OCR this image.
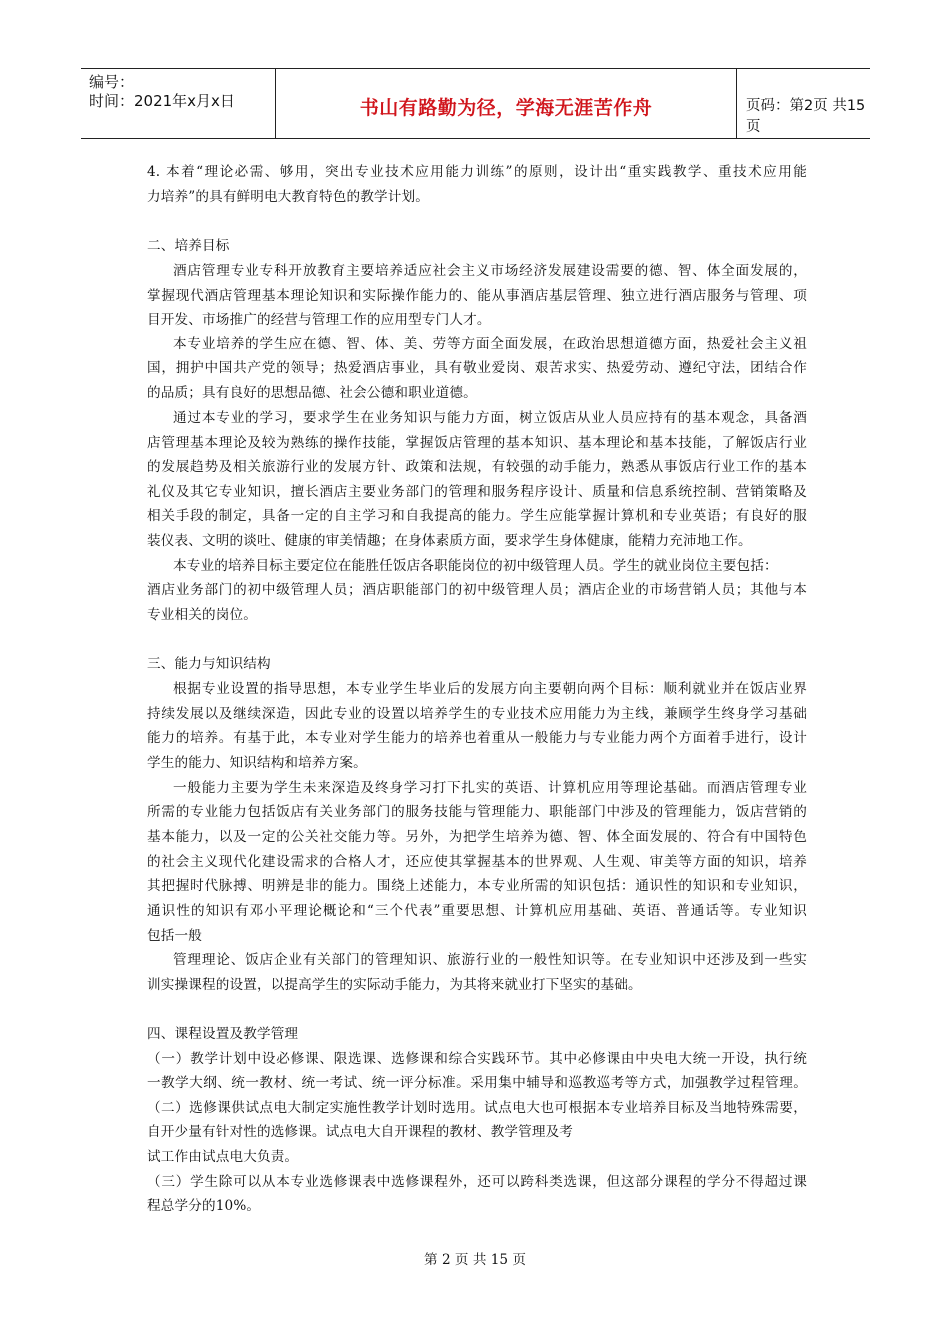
编号：
时间：2021年x月x日	书山有路勤为径，学海无涯苦作舟	页码：第2页 共15页
4. 本着“理论必需、够用，突出专业技术应用能力训练”的原则，设计出“重实践教学、重技术应用能
力培养”的具有鲜明电大教育特色的教学计划。
二、培养目标
酒店管理专业专科开放教育主要培养适应社会主义市场经济发展建设需要的德、智、体全面发展的，
掌握现代酒店管理基本理论知识和实际操作能力的、能从事酒店基层管理、独立进行酒店服务与管理、项
目开发、市场推广的经营与管理工作的应用型专门人才。
本专业培养的学生应在德、智、体、美、劳等方面全面发展，在政治思想道德方面，热爱社会主义祖
国，拥护中国共产党的领导；热爱酒店事业，具有敬业爱岗、艰苦求实、热爱劳动、遵纪守法，团结合作
的品质；具有良好的思想品德、社会公德和职业道德。
通过本专业的学习，要求学生在业务知识与能力方面，树立饭店从业人员应持有的基本观念，具备酒
店管理基本理论及较为熟练的操作技能，掌握饭店管理的基本知识、基本理论和基本技能，了解饭店行业
的发展趋势及相关旅游行业的发展方针、政策和法规，有较强的动手能力，熟悉从事饭店行业工作的基本
礼仪及其它专业知识，擅长酒店主要业务部门的管理和服务程序设计、质量和信息系统控制、营销策略及
相关手段的制定，具备一定的自主学习和自我提高的能力。学生应能掌握计算机和专业英语；有良好的服
装仪表、文明的谈吐、健康的审美情趣；在身体素质方面，要求学生身体健康，能精力充沛地工作。
本专业的培养目标主要定位在能胜任饭店各职能岗位的初中级管理人员。学生的就业岗位主要包括：
酒店业务部门的初中级管理人员；酒店职能部门的初中级管理人员；酒店企业的市场营销人员；其他与本
专业相关的岗位。
三、能力与知识结构
根据专业设置的指导思想，本专业学生毕业后的发展方向主要朝向两个目标：顺利就业并在饭店业界
持续发展以及继续深造，因此专业的设置以培养学生的专业技术应用能力为主线，兼顾学生终身学习基础
能力的培养。有基于此，本专业对学生能力的培养也着重从一般能力与专业能力两个方面着手进行，设计
学生的能力、知识结构和培养方案。
一般能力主要为学生未来深造及终身学习打下扎实的英语、计算机应用等理论基础。而酒店管理专业
所需的专业能力包括饭店有关业务部门的服务技能与管理能力、职能部门中涉及的管理能力，饭店营销的
基本能力，以及一定的公关社交能力等。另外，为把学生培养为德、智、体全面发展的、符合有中国特色
的社会主义现代化建设需求的合格人才，还应使其掌握基本的世界观、人生观、审美等方面的知识，培养
其把握时代脉搏、明辨是非的能力。围绕上述能力，本专业所需的知识包括：通识性的知识和专业知识，
通识性的知识有邓小平理论概论和“三个代表”重要思想、计算机应用基础、英语、普通话等。专业知识
包括一般
管理理论、饭店企业有关部门的管理知识、旅游行业的一般性知识等。在专业知识中还涉及到一些实
训实操课程的设置，以提高学生的实际动手能力，为其将来就业打下坚实的基础。
四、课程设置及教学管理
（一）教学计划中设必修课、限选课、选修课和综合实践环节。其中必修课由中央电大统一开设，执行统
一教学大纲、统一教材、统一考试、统一评分标准。采用集中辅导和巡教巡考等方式，加强教学过程管理。
（二）选修课供试点电大制定实施性教学计划时选用。试点电大也可根据本专业培养目标及当地特殊需要，
自开少量有针对性的选修课。试点电大自开课程的教材、教学管理及考
试工作由试点电大负责。
（三）学生除可以从本专业选修课表中选修课程外，还可以跨科类选课，但这部分课程的学分不得超过课
程总学分的10%。
第 2 页 共 15 页
